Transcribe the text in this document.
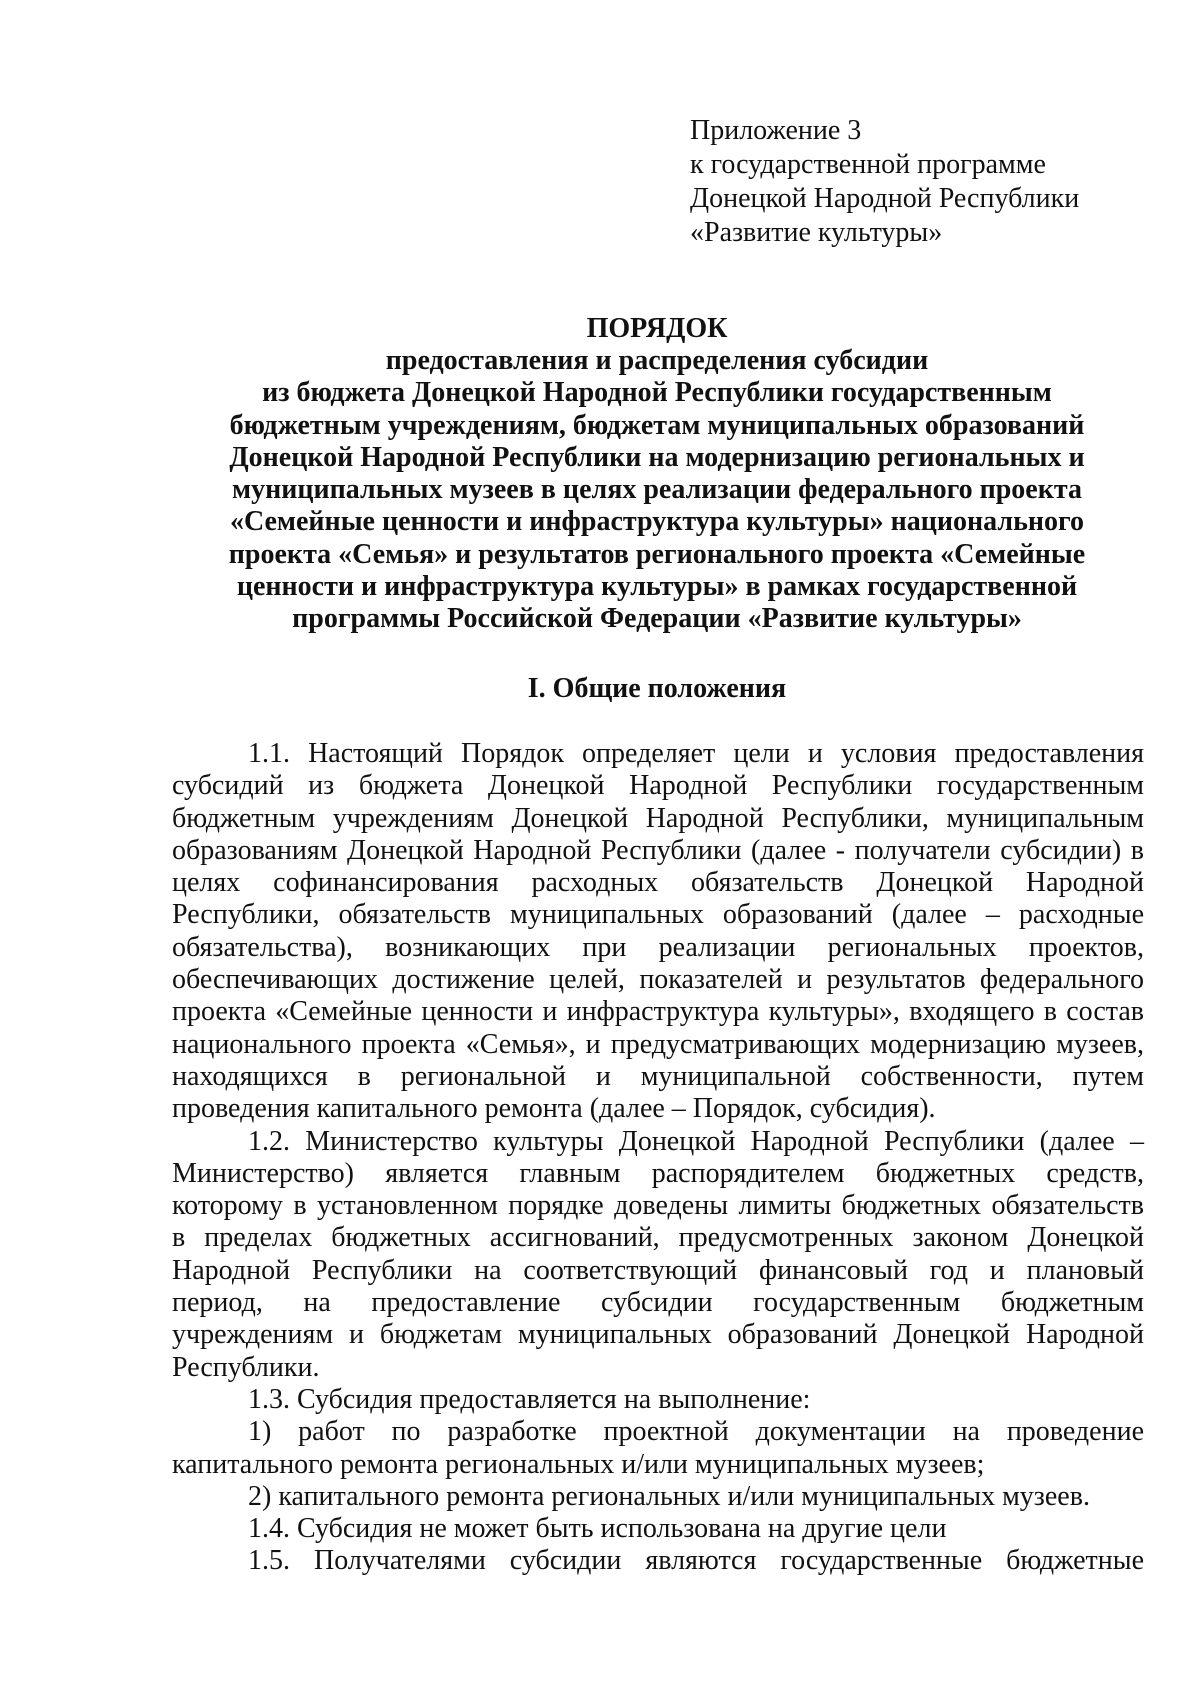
Приложение 3
к государственной программе
Донецкой Народной Республики
«Развитие культуры»
ПОРЯДОК
предоставления и распределения субсидии
из бюджета Донецкой Народной Республики государственным
бюджетным учреждениям, бюджетам муниципальных образований
Донецкой Народной Республики на модернизацию региональных и
муниципальных музеев в целях реализации федерального проекта
«Семейные ценности и инфраструктура культуры» национального
проекта «Семья» и результатов регионального проекта «Семейные
ценности и инфраструктура культуры» в рамках государственной
программы Российской Федерации «Развитие культуры»
I. Общие положения
1.1. Настоящий Порядок определяет цели и условия предоставления
субсидий из бюджета Донецкой Народной Республики государственным
бюджетным учреждениям Донецкой Народной Республики, муниципальным
образованиям Донецкой Народной Республики (далее - получатели субсидии) в
целях софинансирования расходных обязательств Донецкой Народной
Республики, обязательств муниципальных образований (далее – расходные
обязательства), возникающих при реализации региональных проектов,
обеспечивающих достижение целей, показателей и результатов федерального
проекта «Семейные ценности и инфраструктура культуры», входящего в состав
национального проекта «Семья», и предусматривающих модернизацию музеев,
находящихся в региональной и муниципальной собственности, путем
проведения капитального ремонта (далее – Порядок, субсидия).
1.2. Министерство культуры Донецкой Народной Республики (далее –
Министерство) является главным распорядителем бюджетных средств,
которому в установленном порядке доведены лимиты бюджетных обязательств
в пределах бюджетных ассигнований, предусмотренных законом Донецкой
Народной Республики на соответствующий финансовый год и плановый
период, на предоставление субсидии государственным бюджетным
учреждениям и бюджетам муниципальных образований Донецкой Народной
Республики.
1.3. Субсидия предоставляется на выполнение:
1) работ по разработке проектной документации на проведение
капитального ремонта региональных и/или муниципальных музеев;
2) капитального ремонта региональных и/или муниципальных музеев.
1.4. Субсидия не может быть использована на другие цели
1.5. Получателями субсидии являются государственные бюджетные
